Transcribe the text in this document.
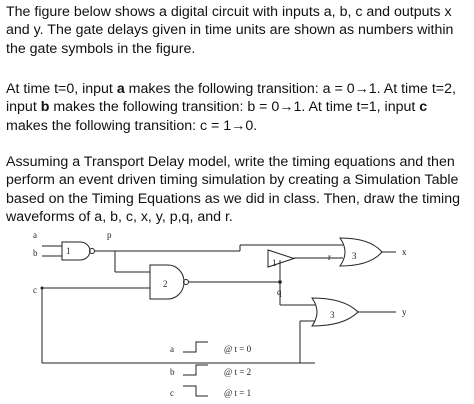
The figure below shows a digital circuit with inputs a, b, c and outputs x and y. The gate delays given in time units are shown as numbers within the gate symbols in the figure.
At time t=0, input a makes the following transition: a = 0→1. At time t=2, input b makes the following transition: b = 0→1. At time t=1, input c makes the following transition: c = 1→0.
Assuming a Transport Delay model, write the timing equations and then perform an event driven timing simulation by creating a Simulation Table based on the Timing Equations as we did in class. Then, draw the timing waveforms of a, b, c, x, y, p,q, and r.
a
b
c
1
p
2
q
1
r 3	x
3	y
a	@ t = 0
b	@ t = 2
c	@ t = 1
